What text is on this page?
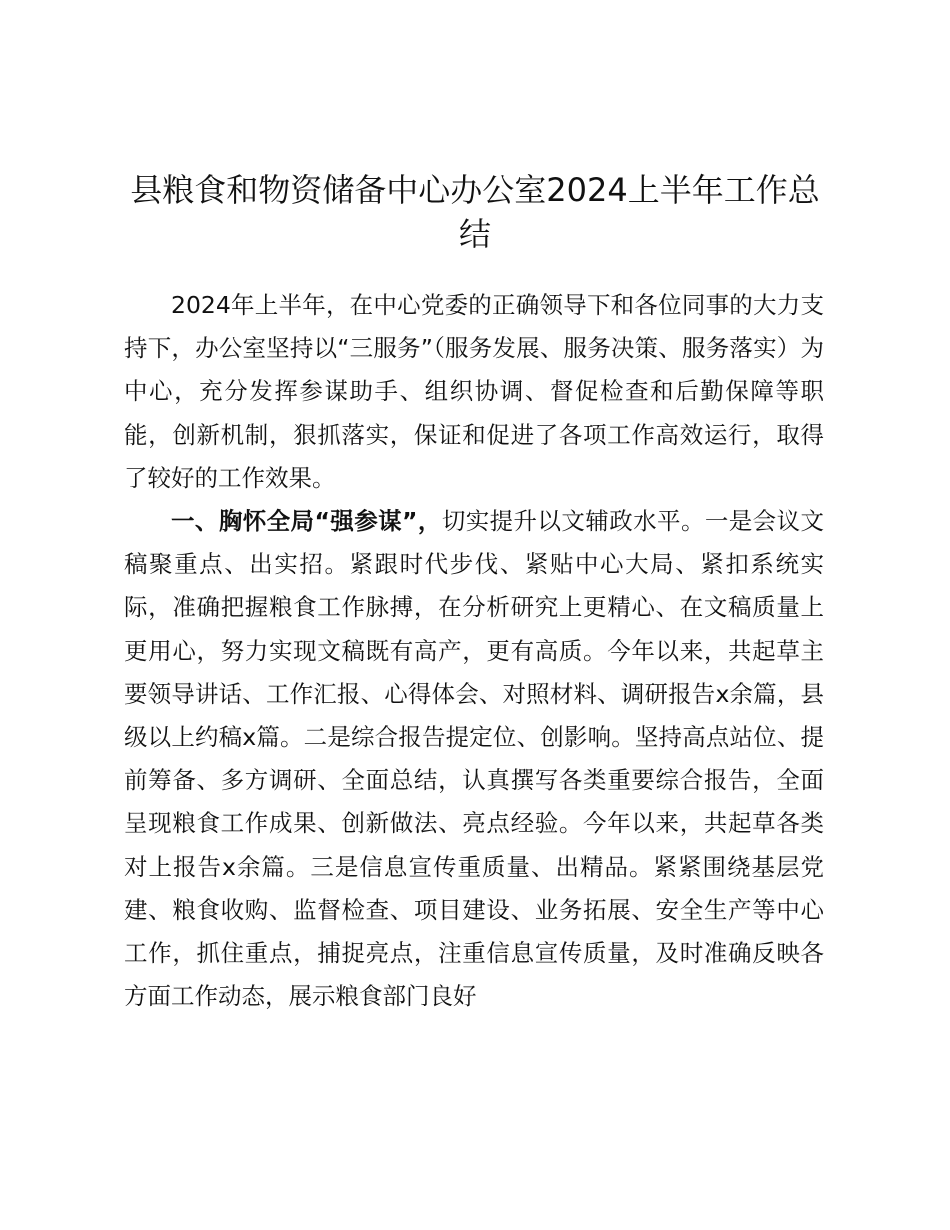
县粮食和物资储备中心办公室2024上半年工作总结

2024年上半年，在中心党委的正确领导下和各位同事的大力支持下，办公室坚持以“三服务”（服务发展、服务决策、服务落实）为中心，充分发挥参谋助手、组织协调、督促检查和后勤保障等职能，创新机制，狠抓落实，保证和促进了各项工作高效运行，取得了较好的工作效果。

一、胸怀全局“强参谋”，切实提升以文辅政水平。一是会议文稿聚重点、出实招。紧跟时代步伐、紧贴中心大局、紧扣系统实际，准确把握粮食工作脉搏，在分析研究上更精心、在文稿质量上更用心，努力实现文稿既有高产，更有高质。今年以来，共起草主要领导讲话、工作汇报、心得体会、对照材料、调研报告x余篇，县级以上约稿x篇。二是综合报告提定位、创影响。坚持高点站位、提前筹备、多方调研、全面总结，认真撰写各类重要综合报告，全面呈现粮食工作成果、创新做法、亮点经验。今年以来，共起草各类对上报告x余篇。三是信息宣传重质量、出精品。紧紧围绕基层党建、粮食收购、监督检查、项目建设、业务拓展、安全生产等中心工作，抓住重点，捕捉亮点，注重信息宣传质量，及时准确反映各方面工作动态，展示粮食部门良好
